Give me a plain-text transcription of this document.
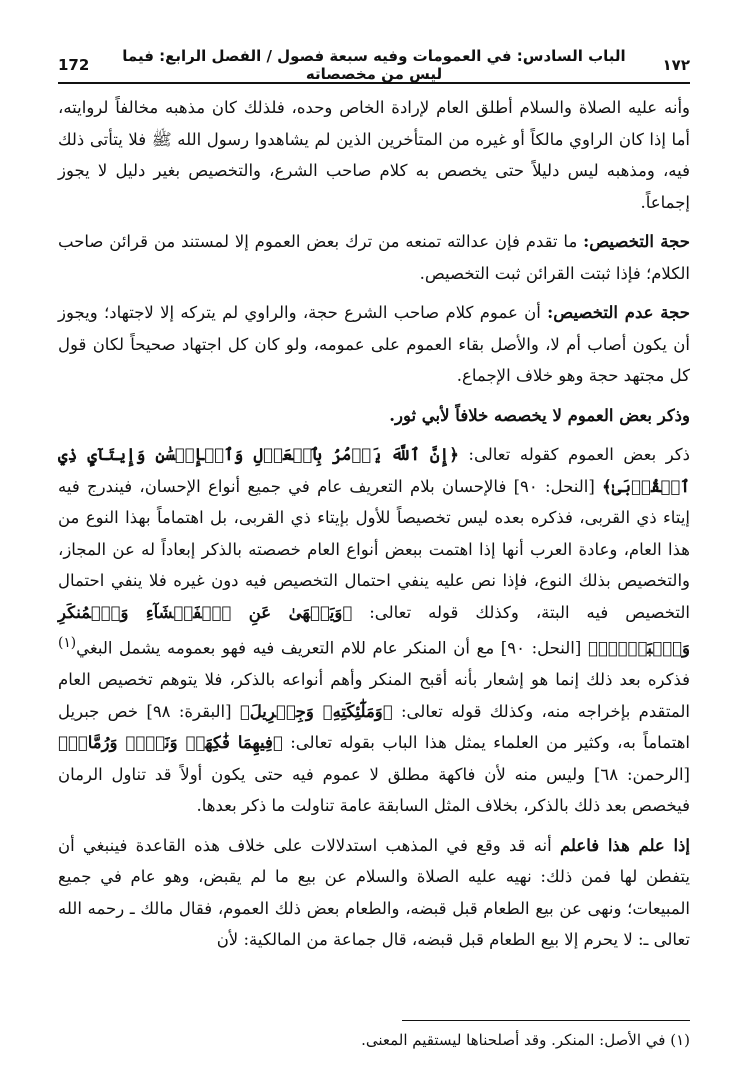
١٧٢
الباب السادس: في العمومات وفيه سبعة فصول / الفصل الرابع: فيما ليس من مخصصاته
172

وأنه عليه الصلاة والسلام أطلق العام لإرادة الخاص وحده، فلذلك كان مذهبه مخالفاً لروايته، أما إذا كان الراوي مالكاً أو غيره من المتأخرين الذين لم يشاهدوا رسول الله ﷺ فلا يتأتى ذلك فيه، ومذهبه ليس دليلاً حتى يخصص به كلام صاحب الشرع، والتخصيص بغير دليل لا يجوز إجماعاً.

حجة التخصيص: ما تقدم فإن عدالته تمنعه من ترك بعض العموم إلا لمستند من قرائن صاحب الكلام؛ فإذا ثبتت القرائن ثبت التخصيص.

حجة عدم التخصيص: أن عموم كلام صاحب الشرع حجة، والراوي لم يتركه إلا لاجتهاد؛ ويجوز أن يكون أصاب أم لا، والأصل بقاء العموم على عمومه، ولو كان كل اجتهاد صحيحاً لكان قول كل مجتهد حجة وهو خلاف الإجماع.

وذكر بعض العموم لا يخصصه خلافاً لأبي ثور.

ذكر بعض العموم كقوله تعالى: ﴿إِنَّ ٱللَّهَ يَأۡمُرُ بِٱلۡعَدۡلِ وَٱلۡإِحۡسَٰنِ وَإِيتَآيِٕ ذِي ٱلۡقُرۡبَىٰ﴾ [النحل: ٩٠] فالإحسان بلام التعريف عام في جميع أنواع الإحسان، فيندرج فيه إيتاء ذي القربى، فذكره بعده ليس تخصيصاً للأول بإيتاء ذي القربى، بل اهتماماً بهذا النوع من هذا العام، وعادة العرب أنها إذا اهتمت ببعض أنواع العام خصصته بالذكر إبعاداً له عن المجاز، والتخصيص بذلك النوع، فإذا نص عليه ينفي احتمال التخصيص فيه دون غيره فلا ينفي احتمال التخصيص فيه البتة، وكذلك قوله تعالى: ﴿وَيَنۡهَىٰ عَنِ ٱلۡفَحۡشَآءِ وَٱلۡمُنكَرِ وَٱلۡبَغۡيِۚ﴾ [النحل: ٩٠] مع أن المنكر عام للام التعريف فيه فهو بعمومه يشمل البغي$^{(١)}$ فذكره بعد ذلك إنما هو إشعار بأنه أقبح المنكر وأهم أنواعه بالذكر، فلا يتوهم تخصيص العام المتقدم بإخراجه منه، وكذلك قوله تعالى: ﴿وَمَلَٰٓئِكَتِهِۦ وَجِبۡرِيلَ﴾ [البقرة: ٩٨] خص جبريل اهتماماً به، وكثير من العلماء يمثل هذا الباب بقوله تعالى: ﴿فِيهِمَا فَٰكِهَةٞ وَنَخۡلٞ وَرُمَّانٞ﴾ [الرحمن: ٦٨] وليس منه لأن فاكهة مطلق لا عموم فيه حتى يكون أولاً قد تناول الرمان فيخصص بعد ذلك بالذكر، بخلاف المثل السابقة عامة تناولت ما ذكر بعدها.

إذا علم هذا فاعلم أنه قد وقع في المذهب استدلالات على خلاف هذه القاعدة فينبغي أن يتفطن لها فمن ذلك: نهيه عليه الصلاة والسلام عن بيع ما لم يقبض، وهو عام في جميع المبيعات؛ ونهى عن بيع الطعام قبل قبضه، والطعام بعض ذلك العموم، فقال مالك ـ رحمه الله تعالى ـ: لا يحرم إلا بيع الطعام قبل قبضه، قال جماعة من المالكية: لأن

(١) في الأصل: المنكر. وقد أصلحناها ليستقيم المعنى.
